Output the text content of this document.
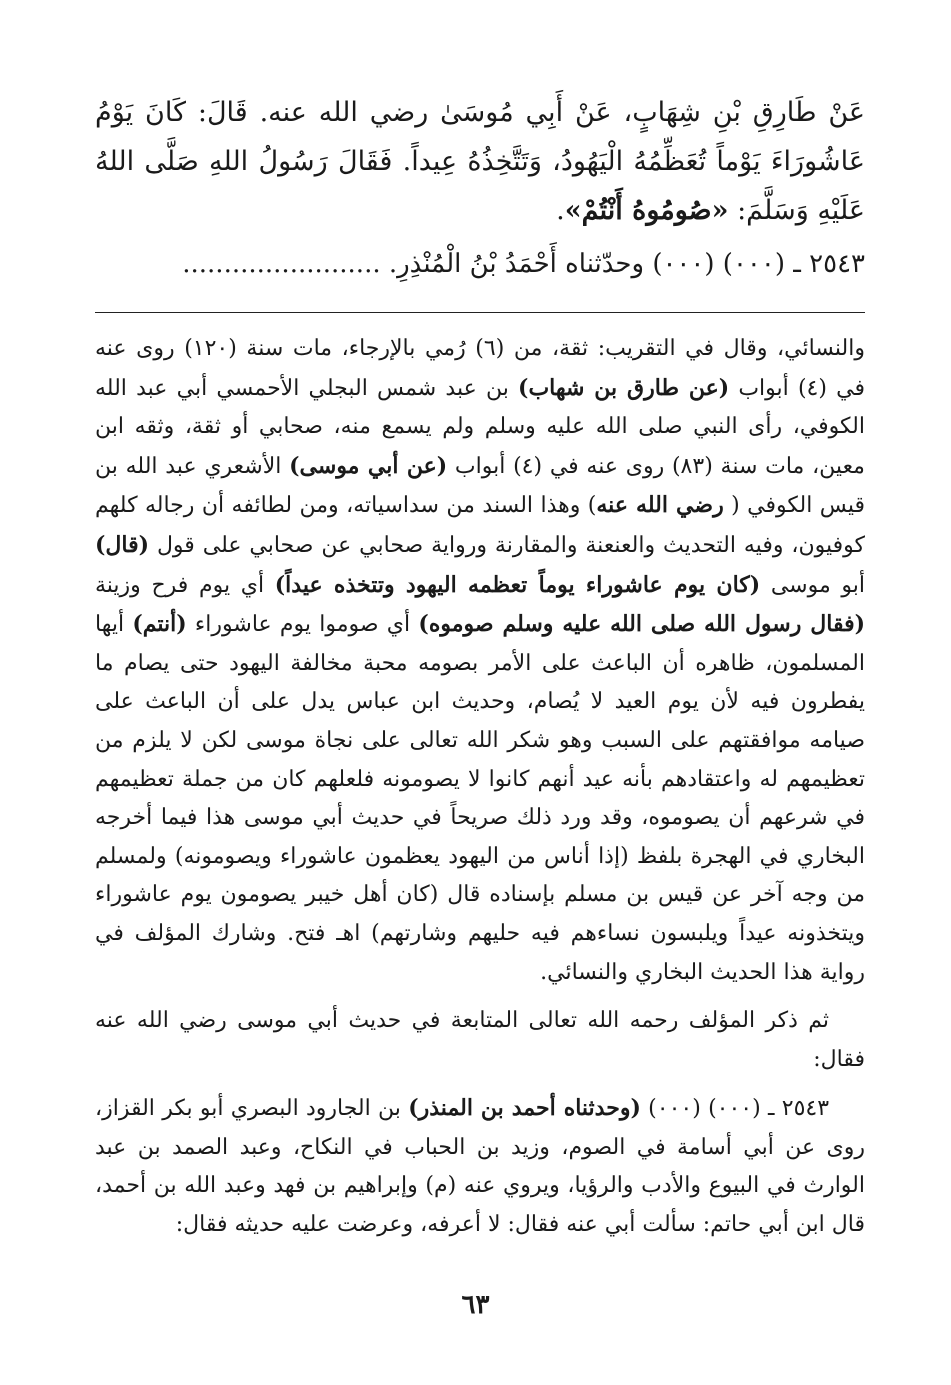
عَنْ طَارِقِ بْنِ شِهَابٍ، عَنْ أَبِي مُوسَىٰ رضي الله عنه. قَالَ: كَانَ يَوْمُ عَاشُورَاءَ يَوْماً تُعَظِّمُهُ الْيَهُودُ، وَتَتَّخِذُهُ عِيداً. فَقَالَ رَسُولُ اللهِ صَلَّى اللهُ عَلَيْهِ وَسَلَّمَ: «صُومُوهُ أَنْتُمْ».

٢٥٤٣ ـ (٠٠٠) (٠٠٠) وحدّثناه أَحْمَدُ بْنُ الْمُنْذِرِ. ........................

والنسائي، وقال في التقريب: ثقة، من (٦) رُمي بالإرجاء، مات سنة (١٢٠) روى عنه في (٤) أبواب (عن طارق بن شهاب) بن عبد شمس البجلي الأحمسي أبي عبد الله الكوفي، رأى النبي صلى الله عليه وسلم ولم يسمع منه، صحابي أو ثقة، وثقه ابن معين، مات سنة (٨٣) روى عنه في (٤) أبواب (عن أبي موسى) الأشعري عبد الله بن قيس الكوفي ( رضي الله عنه) وهذا السند من سداسياته، ومن لطائفه أن رجاله كلهم كوفيون، وفيه التحديث والعنعنة والمقارنة ورواية صحابي عن صحابي على قول (قال) أبو موسى (كان يوم عاشوراء يوماً تعظمه اليهود وتتخذه عيداً) أي يوم فرح وزينة (فقال رسول الله صلى الله عليه وسلم صوموه) أي صوموا يوم عاشوراء (أنتم) أيها المسلمون، ظاهره أن الباعث على الأمر بصومه محبة مخالفة اليهود حتى يصام ما يفطرون فيه لأن يوم العيد لا يُصام، وحديث ابن عباس يدل على أن الباعث على صيامه موافقتهم على السبب وهو شكر الله تعالى على نجاة موسى لكن لا يلزم من تعظيمهم له واعتقادهم بأنه عيد أنهم كانوا لا يصومونه فلعلهم كان من جملة تعظيمهم في شرعهم أن يصوموه، وقد ورد ذلك صريحاً في حديث أبي موسى هذا فيما أخرجه البخاري في الهجرة بلفظ (إذا أناس من اليهود يعظمون عاشوراء ويصومونه) ولمسلم من وجه آخر عن قيس بن مسلم بإسناده قال (كان أهل خيبر يصومون يوم عاشوراء ويتخذونه عيداً ويلبسون نساءهم فيه حليهم وشارتهم) اهـ فتح. وشارك المؤلف في رواية هذا الحديث البخاري والنسائي.

ثم ذكر المؤلف رحمه الله تعالى المتابعة في حديث أبي موسى رضي الله عنه فقال:

٢٥٤٣ ـ (٠٠٠) (٠٠٠) (وحدثناه أحمد بن المنذر) بن الجارود البصري أبو بكر القزاز، روى عن أبي أسامة في الصوم، وزيد بن الحباب في النكاح، وعبد الصمد بن عبد الوارث في البيوع والأدب والرؤيا، ويروي عنه (م) وإبراهيم بن فهد وعبد الله بن أحمد، قال ابن أبي حاتم: سألت أبي عنه فقال: لا أعرفه، وعرضت عليه حديثه فقال:

٦٣
